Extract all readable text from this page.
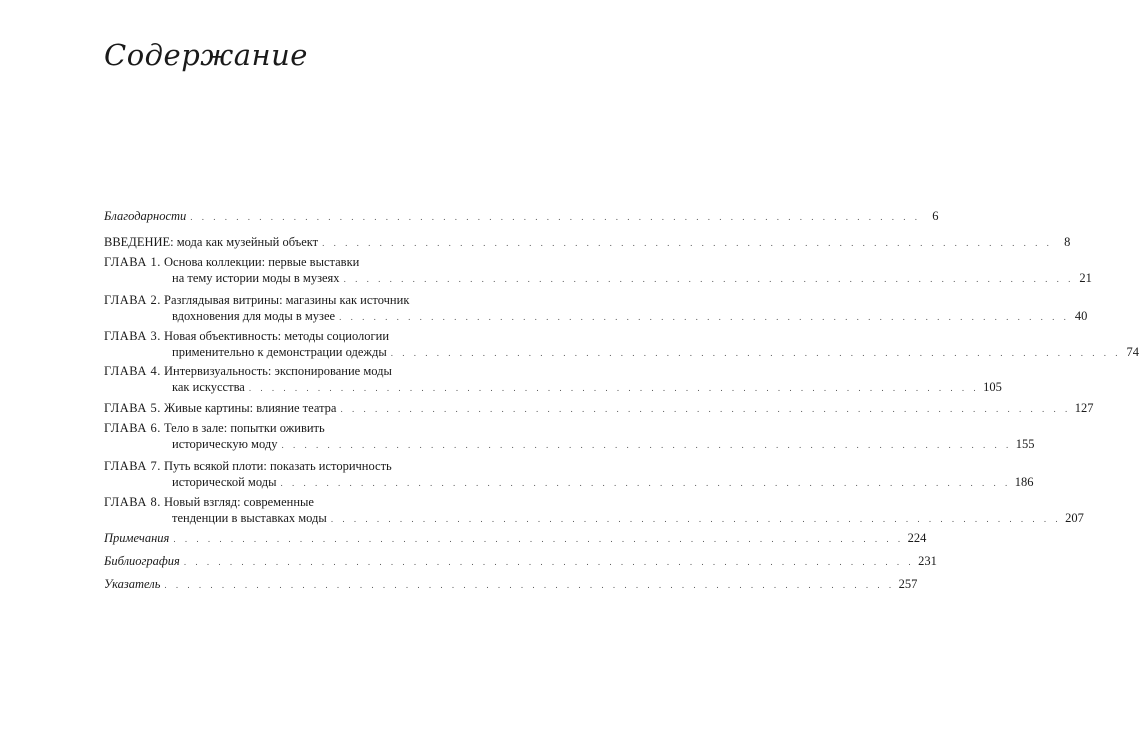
Содержание
Благодарности . . . . . . . . . . . . . . . . . . . . . . . . . . . . . . . . . . . . . . . . . . . . . . . . . . . . . . . . . . . . . . . . 6
ВВЕДЕНИЕ: мода как музейный объект . . . . . . . . . . . . . . . . . . . . . . . . . . . . . . . . . . . . . . . . . . . . . . . . . . . . . . . . . . . . . . . . 8
ГЛАВА 1. Основа коллекции: первые выставки
на тему истории моды в музеях . . . . . . . . . . . . . . . . . . . . . . . . . . . . . . . . . . . . . . . . . . . . . . . . . . . . . . . . . . . . . . . . 21
ГЛАВА 2. Разглядывая витрины: магазины как источник
вдохновения для моды в музее . . . . . . . . . . . . . . . . . . . . . . . . . . . . . . . . . . . . . . . . . . . . . . . . . . . . . . . . . . . . . . . . 40
ГЛАВА 3. Новая объективность: методы социологии
применительно к демонстрации одежды . . . . . . . . . . . . . . . . . . . . . . . . . . . . . . . . . . . . . . . . . . . . . . . . . . . . . . . . . . . . . . . . 74
ГЛАВА 4. Интервизуальность: экспонирование моды
как искусства . . . . . . . . . . . . . . . . . . . . . . . . . . . . . . . . . . . . . . . . . . . . . . . . . . . . . . . . . . . . . . . . 105
ГЛАВА 5. Живые картины: влияние театра . . . . . . . . . . . . . . . . . . . . . . . . . . . . . . . . . . . . . . . . . . . . . . . . . . . . . . . . . . . . . . . . 127
ГЛАВА 6. Тело в зале: попытки оживить
историческую моду . . . . . . . . . . . . . . . . . . . . . . . . . . . . . . . . . . . . . . . . . . . . . . . . . . . . . . . . . . . . . . . . 155
ГЛАВА 7. Путь всякой плоти: показать историчность
исторической моды . . . . . . . . . . . . . . . . . . . . . . . . . . . . . . . . . . . . . . . . . . . . . . . . . . . . . . . . . . . . . . . . 186
ГЛАВА 8. Новый взгляд: современные
тенденции в выставках моды . . . . . . . . . . . . . . . . . . . . . . . . . . . . . . . . . . . . . . . . . . . . . . . . . . . . . . . . . . . . . . . . 207
Примечания . . . . . . . . . . . . . . . . . . . . . . . . . . . . . . . . . . . . . . . . . . . . . . . . . . . . . . . . . . . . . . . . 224
Библиография . . . . . . . . . . . . . . . . . . . . . . . . . . . . . . . . . . . . . . . . . . . . . . . . . . . . . . . . . . . . . . . . 231
Указатель . . . . . . . . . . . . . . . . . . . . . . . . . . . . . . . . . . . . . . . . . . . . . . . . . . . . . . . . . . . . . . . . 257
